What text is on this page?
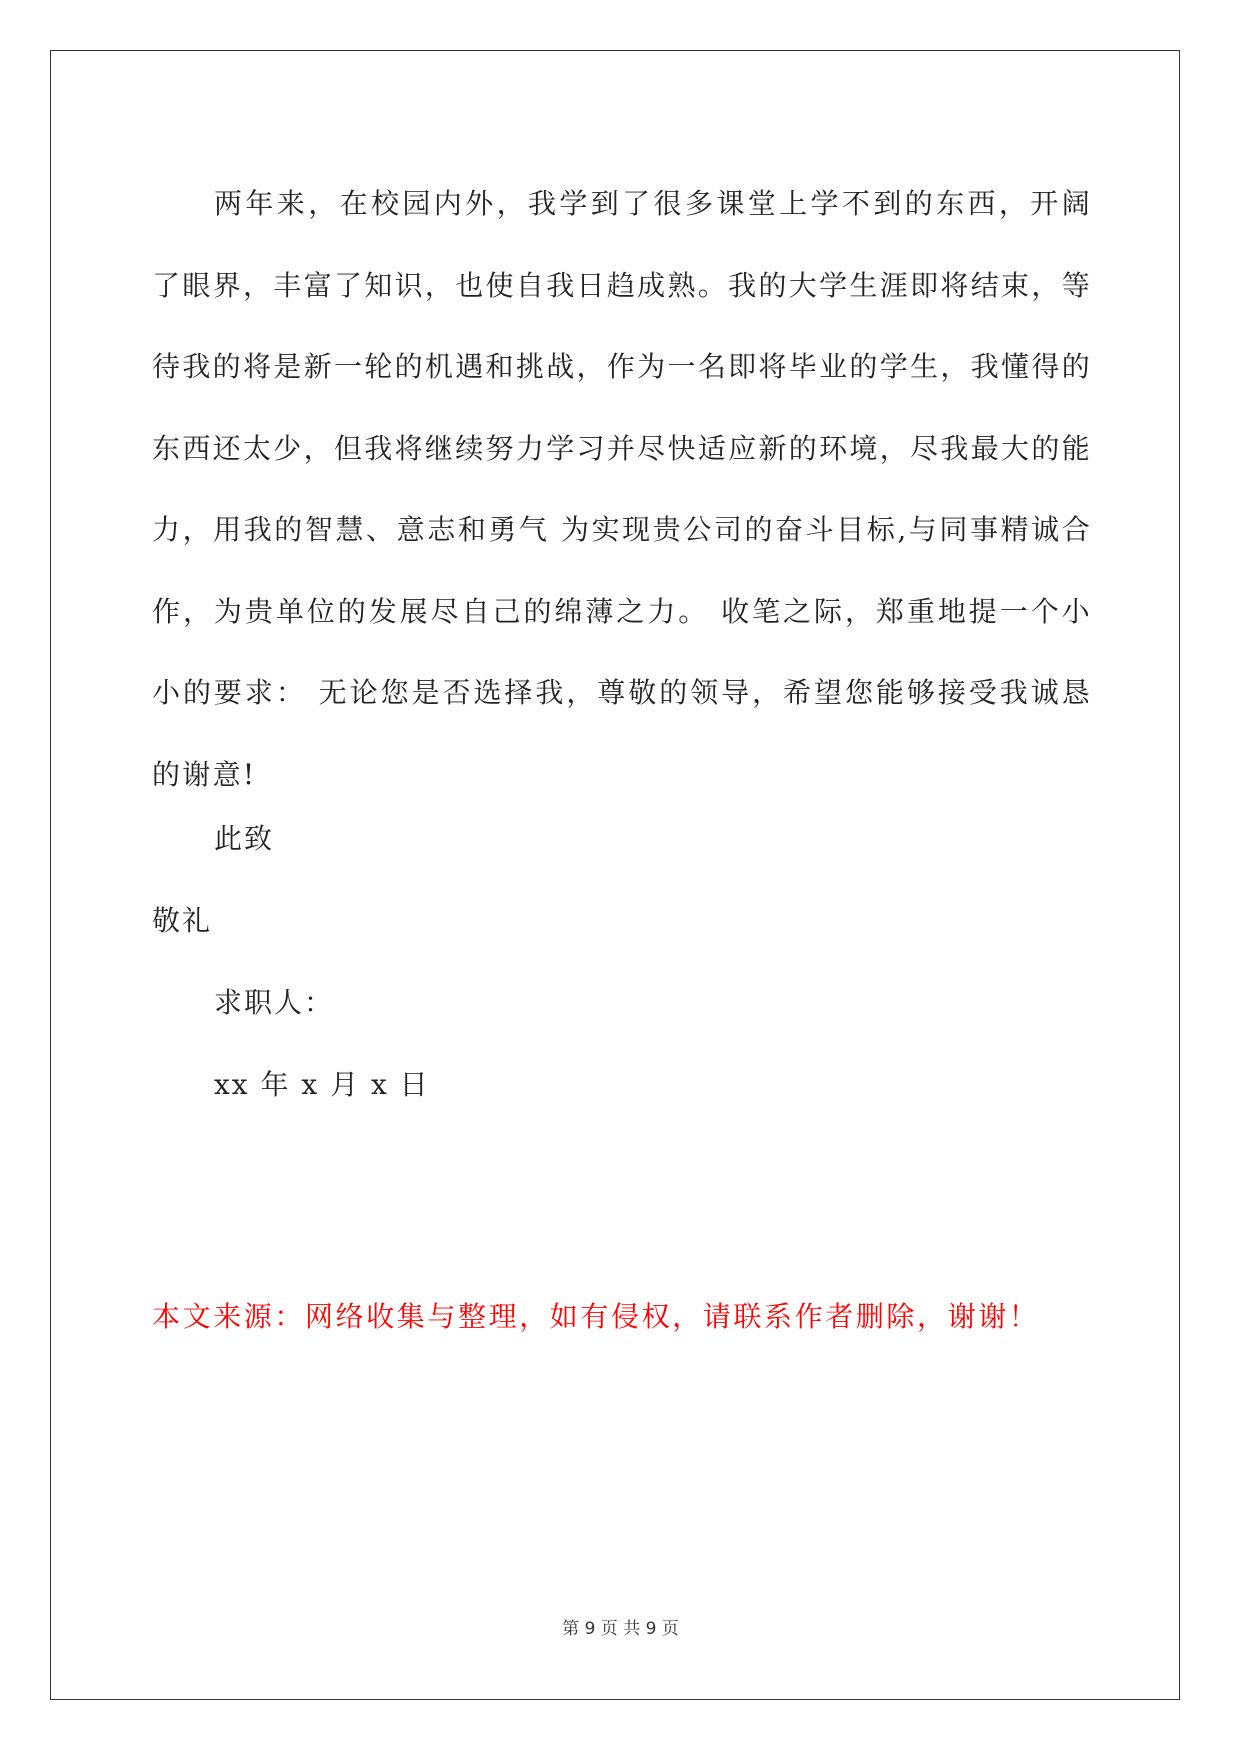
两年来，在校园内外，我学到了很多课堂上学不到的东西，开阔了眼界，丰富了知识，也使自我日趋成熟。我的大学生涯即将结束，等待我的将是新一轮的机遇和挑战，作为一名即将毕业的学生，我懂得的东西还太少，但我将继续努力学习并尽快适应新的环境，尽我最大的能力，用我的智慧、意志和勇气 为实现贵公司的奋斗目标,与同事精诚合作，为贵单位的发展尽自己的绵薄之力。 收笔之际，郑重地提一个小小的要求： 无论您是否选择我，尊敬的领导，希望您能够接受我诚恳的谢意!

此致

敬礼

求职人：

xx 年 x 月 x 日

本文来源：网络收集与整理，如有侵权，请联系作者删除，谢谢！

第 9 页 共 9 页
